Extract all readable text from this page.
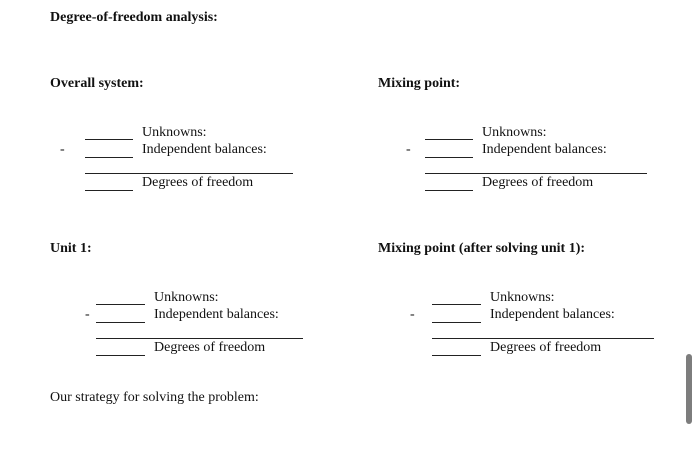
Degree-of-freedom analysis:
Overall system:
-
Unknowns:
Independent balances:
Degrees of freedom
Mixing point:
-
Unknowns:
Independent balances:
Degrees of freedom
Unit 1:
-
Unknowns:
Independent balances:
Degrees of freedom
Mixing point (after solving unit 1):
-
Unknowns:
Independent balances:
Degrees of freedom
Our strategy for solving the problem:
